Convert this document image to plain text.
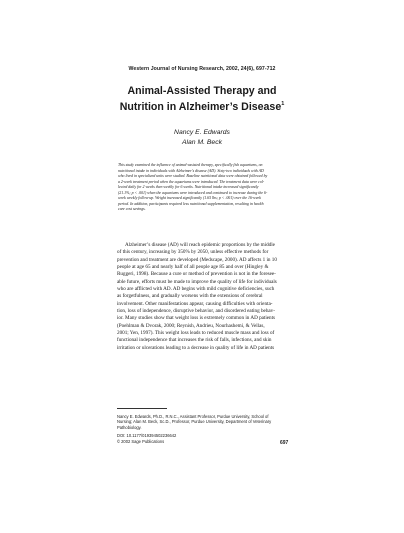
Western Journal of Nursing Research, 2002, 24(6), 697-712
Animal-Assisted Therapy and
Nutrition in Alzheimer’s Disease$^1$
Nancy E. Edwards
Alan M. Beck
This study examined the influence of animal-assisted therapy, specifically fish aquariums, on
nutritional intake in individuals with Alzheimer’s disease (AD). Sixty-two individuals with AD
who lived in specialized units were studied. Baseline nutritional data were obtained followed by
a 2-week treatment period when the aquariums were introduced. The treatment data were col-
lected daily for 2 weeks then weekly for 6 weeks. Nutritional intake increased significantly
(21.1%; p < .001) when the aquariums were introduced and continued to increase during the 6-
week weekly follow-up. Weight increased significantly (1.65 lbs; p < .001) over the 16-week
period. In addition, participants required less nutritional supplementation, resulting in health
care cost savings.
Alzheimer’s disease (AD) will reach epidemic proportions by the middle
of this century, increasing by 350% by 2050, unless effective methods for
prevention and treatment are developed (Medscape, 2000). AD affects 1 in 10
people at age 65 and nearly half of all people age 85 and over (Hingley &
Ruggeri, 1998). Because a cure or method of prevention is not in the foresee-
able future, efforts must be made to improve the quality of life for individuals
who are afflicted with AD. AD begins with mild cognitive deficiencies, such
as forgetfulness, and gradually worsens with the extensions of cerebral
involvement. Other manifestations appear, causing difficulties with orienta-
tion, loss of independence, disruptive behavior, and disordered eating behav-
ior. Many studies show that weight loss is extremely common in AD patients
(Poehlman & Dvorak, 2000; Reynish, Andrieu, Nourhashemi, & Vellas,
2001; Yen, 1997). This weight loss leads to reduced muscle mass and loss of
functional independence that increases the risk of falls, infections, and skin
irritation or ulcerations leading to a decrease in quality of life in AD patients
Nancy E. Edwards, Ph.D., R.N.C., Assistant Professor, Purdue University, School of
Nursing; Alan M. Beck, Sc.D., Professor, Purdue University, Department of Veterinary
Pathobiology.
DOI: 10.1177/019394502236642
© 2002 Sage Publications	697
